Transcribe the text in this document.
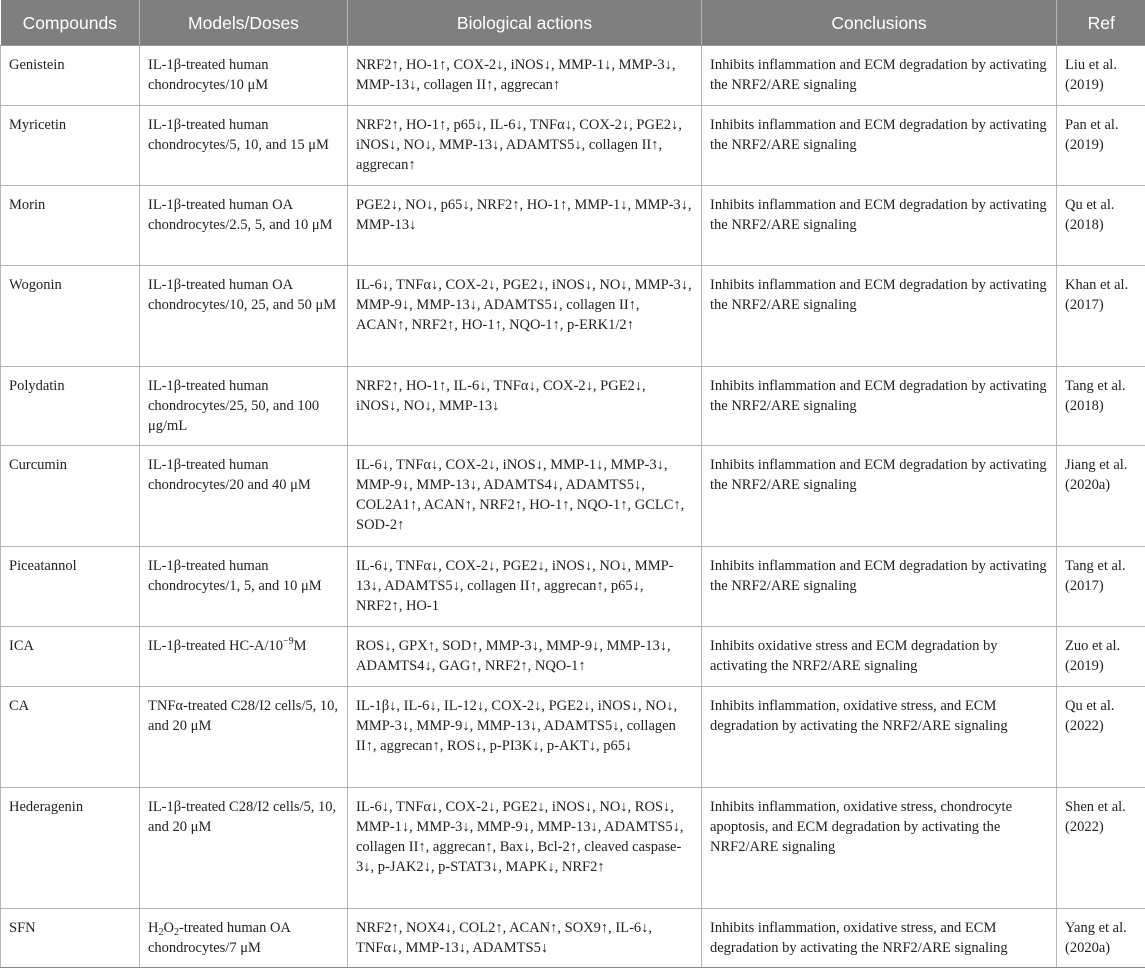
Compounds	Models/Doses	Biological actions	Conclusions	Ref
Genistein	IL-1β-treated human chondrocytes/10 μM	NRF2↑, HO-1↑, COX-2↓, iNOS↓, MMP-1↓, MMP-3↓, MMP-13↓, collagen II↑, aggrecan↑	Inhibits inflammation and ECM degradation by activating the NRF2/ARE signaling	Liu et al. (2019)
Myricetin	IL-1β-treated human chondrocytes/5, 10, and 15 μM	NRF2↑, HO-1↑, p65↓, IL-6↓, TNFα↓, COX-2↓, PGE2↓, iNOS↓, NO↓, MMP-13↓, ADAMTS5↓, collagen II↑, aggrecan↑	Inhibits inflammation and ECM degradation by activating the NRF2/ARE signaling	Pan et al. (2019)
Morin	IL-1β-treated human OA chondrocytes/2.5, 5, and 10 μM	PGE2↓, NO↓, p65↓, NRF2↑, HO-1↑, MMP-1↓, MMP-3↓, MMP-13↓	Inhibits inflammation and ECM degradation by activating the NRF2/ARE signaling	Qu et al. (2018)
Wogonin	IL-1β-treated human OA chondrocytes/10, 25, and 50 μM	IL-6↓, TNFα↓, COX-2↓, PGE2↓, iNOS↓, NO↓, MMP-3↓, MMP-9↓, MMP-13↓, ADAMTS5↓, collagen II↑, ACAN↑, NRF2↑, HO-1↑, NQO-1↑, p-ERK1/2↑	Inhibits inflammation and ECM degradation by activating the NRF2/ARE signaling	Khan et al. (2017)
Polydatin	IL-1β-treated human chondrocytes/25, 50, and 100 μg/mL	NRF2↑, HO-1↑, IL-6↓, TNFα↓, COX-2↓, PGE2↓, iNOS↓, NO↓, MMP-13↓	Inhibits inflammation and ECM degradation by activating the NRF2/ARE signaling	Tang et al. (2018)
Curcumin	IL-1β-treated human chondrocytes/20 and 40 μM	IL-6↓, TNFα↓, COX-2↓, iNOS↓, MMP-1↓, MMP-3↓, MMP-9↓, MMP-13↓, ADAMTS4↓, ADAMTS5↓, COL2A1↑, ACAN↑, NRF2↑, HO-1↑, NQO-1↑, GCLC↑, SOD-2↑	Inhibits inflammation and ECM degradation by activating the NRF2/ARE signaling	Jiang et al. (2020a)
Piceatannol	IL-1β-treated human chondrocytes/1, 5, and 10 μM	IL-6↓, TNFα↓, COX-2↓, PGE2↓, iNOS↓, NO↓, MMP-13↓, ADAMTS5↓, collagen II↑, aggrecan↑, p65↓, NRF2↑, HO-1	Inhibits inflammation and ECM degradation by activating the NRF2/ARE signaling	Tang et al. (2017)
ICA	IL-1β-treated $HC-A/10^{-9}M$	ROS↓, GPX↑, SOD↑, MMP-3↓, MMP-9↓, MMP-13↓, ADAMTS4↓, GAG↑, NRF2↑, NQO-1↑	Inhibits oxidative stress and ECM degradation by activating the NRF2/ARE signaling	Zuo et al. (2019)
CA	TNFα-treated C28/I2 cells/5, 10, and 20 μM	IL-1β↓, IL-6↓, IL-12↓, COX-2↓, PGE2↓, iNOS↓, NO↓, MMP-3↓, MMP-9↓, MMP-13↓, ADAMTS5↓, collagen II↑, aggrecan↑, ROS↓, p-PI3K↓, p-AKT↓, p65↓	Inhibits inflammation, oxidative stress, and ECM degradation by activating the NRF2/ARE signaling	Qu et al. (2022)
Hederagenin	IL-1β-treated C28/I2 cells/5, 10, and 20 μM	IL-6↓, TNFα↓, COX-2↓, PGE2↓, iNOS↓, NO↓, ROS↓, MMP-1↓, MMP-3↓, MMP-9↓, MMP-13↓, ADAMTS5↓, collagen II↑, aggrecan↑, Bax↓, Bcl-2↑, cleaved caspase-3↓, p-JAK2↓, p-STAT3↓, MAPK↓, NRF2↑	Inhibits inflammation, oxidative stress, chondrocyte apoptosis, and ECM degradation by activating the NRF2/ARE signaling	Shen et al. (2022)
SFN	$H_2O_2$-treated human OA chondrocytes/7 μM	NRF2↑, NOX4↓, COL2↑, ACAN↑, SOX9↑, IL-6↓, TNFα↓, MMP-13↓, ADAMTS5↓	Inhibits inflammation, oxidative stress, and ECM degradation by activating the NRF2/ARE signaling	Yang et al. (2020a)
